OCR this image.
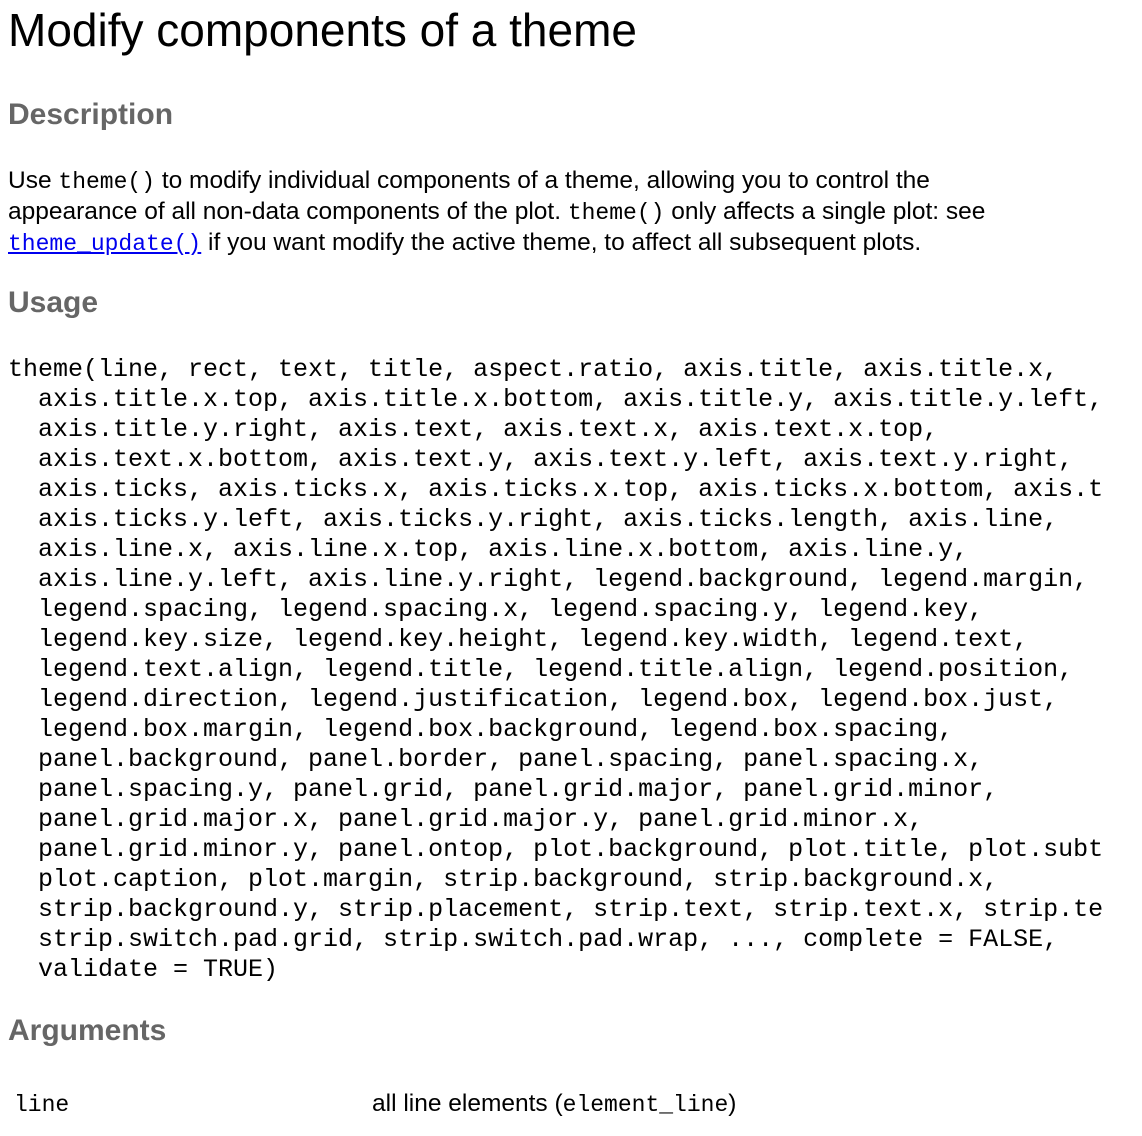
Modify components of a theme
Description

Use theme() to modify individual components of a theme, allowing you to control the
appearance of all non-data components of the plot. theme() only affects a single plot: see
theme_update() if you want modify the active theme, to affect all subsequent plots.

Usage
theme(line, rect, text, title, aspect.ratio, axis.title, axis.title.x,
axis.title.x.top, axis.title.x.bottom, axis.title.y, axis.title.y.left,
axis.title.y.right, axis.text, axis.text.x, axis.text.x.top,
axis.text.x.bottom, axis.text.y, axis.text.y.left, axis.text.y.right,
axis.ticks, axis.ticks.x, axis.ticks.x.top, axis.ticks.x.bottom, axis.t
axis.ticks.y.left, axis.ticks.y.right, axis.ticks.length, axis.line,
axis.line.x, axis.line.x.top, axis.line.x.bottom, axis.line.y,
axis.line.y.left, axis.line.y.right, legend.background, legend.margin,
legend.spacing, legend.spacing.x, legend.spacing.y, legend.key,
legend.key.size, legend.key.height, legend.key.width, legend.text,
legend.text.align, legend.title, legend.title.align, legend.position,
legend.direction, legend.justification, legend.box, legend.box.just,
legend.box.margin, legend.box.background, legend.box.spacing,
panel.background, panel.border, panel.spacing, panel.spacing.x,
panel.spacing.y, panel.grid, panel.grid.major, panel.grid.minor,
panel.grid.major.x, panel.grid.major.y, panel.grid.minor.x,
panel.grid.minor.y, panel.ontop, plot.background, plot.title, plot.subt
plot.caption, plot.margin, strip.background, strip.background.x,
strip.background.y, strip.placement, strip.text, strip.text.x, strip.te
strip.switch.pad.grid, strip.switch.pad.wrap, ..., complete = FALSE,
validate = TRUE)
Arguments
line	all line elements (element_line)
